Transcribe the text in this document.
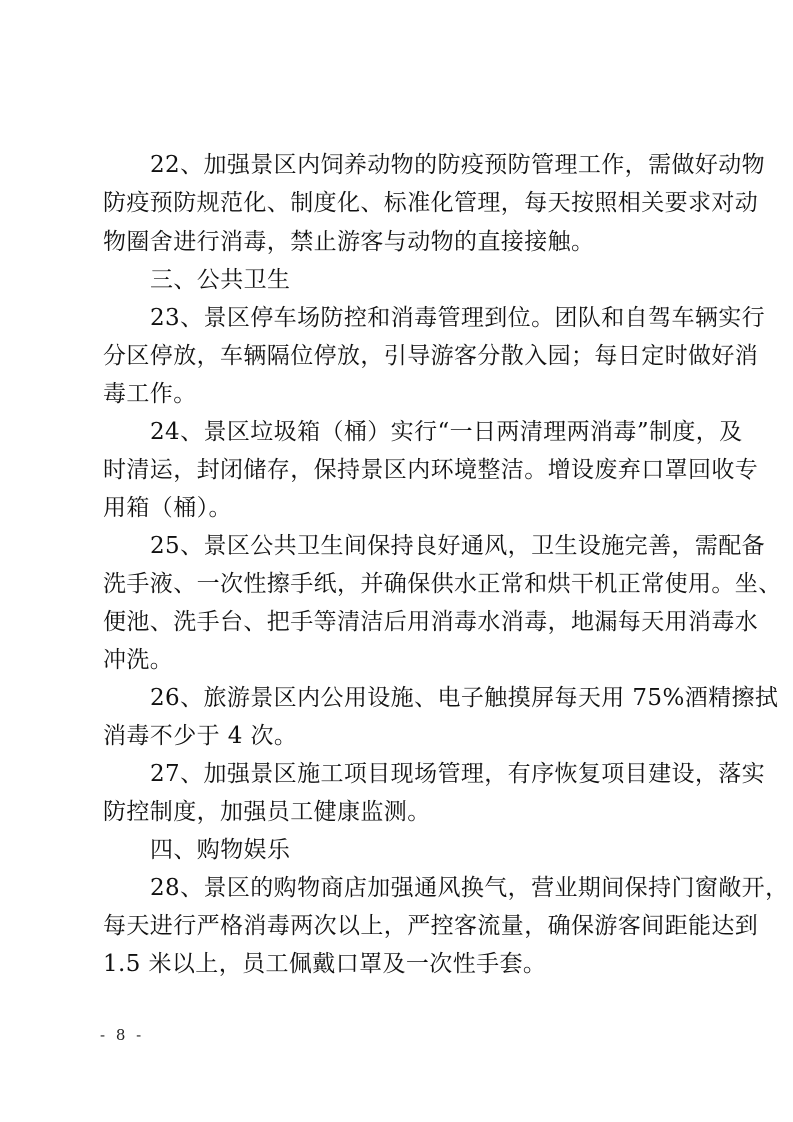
22、加强景区内饲养动物的防疫预防管理工作，需做好动物
防疫预防规范化、制度化、标准化管理，每天按照相关要求对动
物圈舍进行消毒，禁止游客与动物的直接接触。
三、公共卫生
23、景区停车场防控和消毒管理到位。团队和自驾车辆实行
分区停放，车辆隔位停放，引导游客分散入园；每日定时做好消
毒工作。
24、景区垃圾箱（桶）实行“一日两清理两消毒”制度，及
时清运，封闭储存，保持景区内环境整洁。增设废弃口罩回收专
用箱（桶）。
25、景区公共卫生间保持良好通风，卫生设施完善，需配备
洗手液、一次性擦手纸，并确保供水正常和烘干机正常使用。坐、
便池、洗手台、把手等清洁后用消毒水消毒，地漏每天用消毒水
冲洗。
26、旅游景区内公用设施、电子触摸屏每天用 75%酒精擦拭
消毒不少于 4 次。
27、加强景区施工项目现场管理，有序恢复项目建设，落实
防控制度，加强员工健康监测。
四、购物娱乐
28、景区的购物商店加强通风换气，营业期间保持门窗敞开，
每天进行严格消毒两次以上，严控客流量，确保游客间距能达到
1.5 米以上，员工佩戴口罩及一次性手套。
- 8 -
